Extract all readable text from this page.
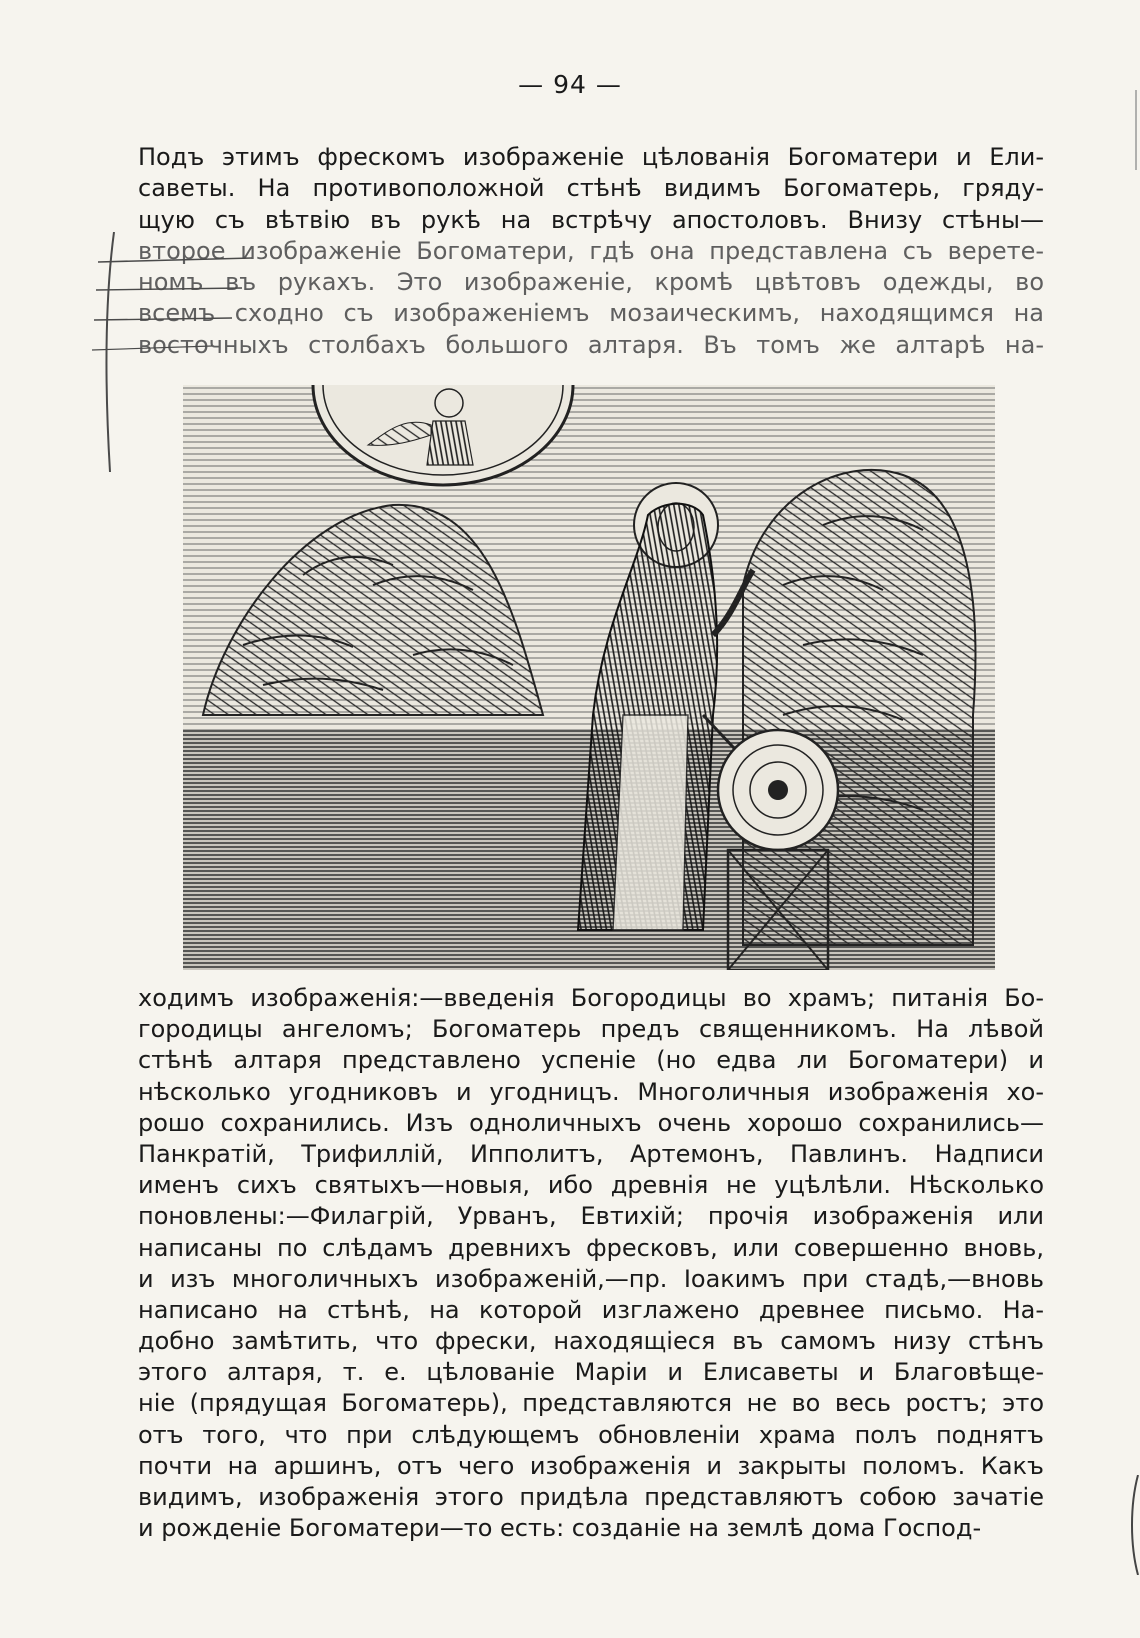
— 94 —
Подъ этимъ фрескомъ изображеніе цѣлованія Богоматери и Ели-
саветы. На противоположной стѣнѣ видимъ Богоматерь, гряду-
щую съ вѣтвію въ рукѣ на встрѣчу апостоловъ. Внизу стѣны—
второе изображеніе Богоматери, гдѣ она представлена съ верете-
номъ въ рукахъ. Это изображеніе, кромѣ цвѣтовъ одежды, во
всемъ сходно съ изображеніемъ мозаическимъ, находящимся на
восточныхъ столбахъ большого алтаря. Въ томъ же алтарѣ на-
ходимъ изображенія:—введенія Богородицы во храмъ; питанія Бо-
городицы ангеломъ; Богоматерь предъ священникомъ. На лѣвой
стѣнѣ алтаря представлено успеніе (но едва ли Богоматери) и
нѣсколько угодниковъ и угодницъ. Многоличныя изображенія хо-
рошо сохранились. Изъ одноличныхъ очень хорошо сохранились—
Панкратій, Трифиллій, Ипполитъ, Артемонъ, Павлинъ. Надписи
именъ сихъ святыхъ—новыя, ибо древнія не уцѣлѣли. Нѣсколько
поновлены:—Филагрій, Урванъ, Евтихій; прочія изображенія или
написаны по слѣдамъ древнихъ фресковъ, или совершенно вновь,
и изъ многоличныхъ изображеній,—пр. Іоакимъ при стадѣ,—вновь
написано на стѣнѣ, на которой изглажено древнее письмо. На-
добно замѣтить, что фрески, находящіеся въ самомъ низу стѣнъ
этого алтаря, т. е. цѣлованіе Маріи и Елисаветы и Благовѣще-
ніе (прядущая Богоматерь), представляются не во весь ростъ; это
отъ того, что при слѣдующемъ обновленіи храма полъ поднятъ
почти на аршинъ, отъ чего изображенія и закрыты поломъ. Какъ
видимъ, изображенія этого придѣла представляютъ собою зачатіе
и рожденіе Богоматери—то есть: созданіе на землѣ дома Господ-
